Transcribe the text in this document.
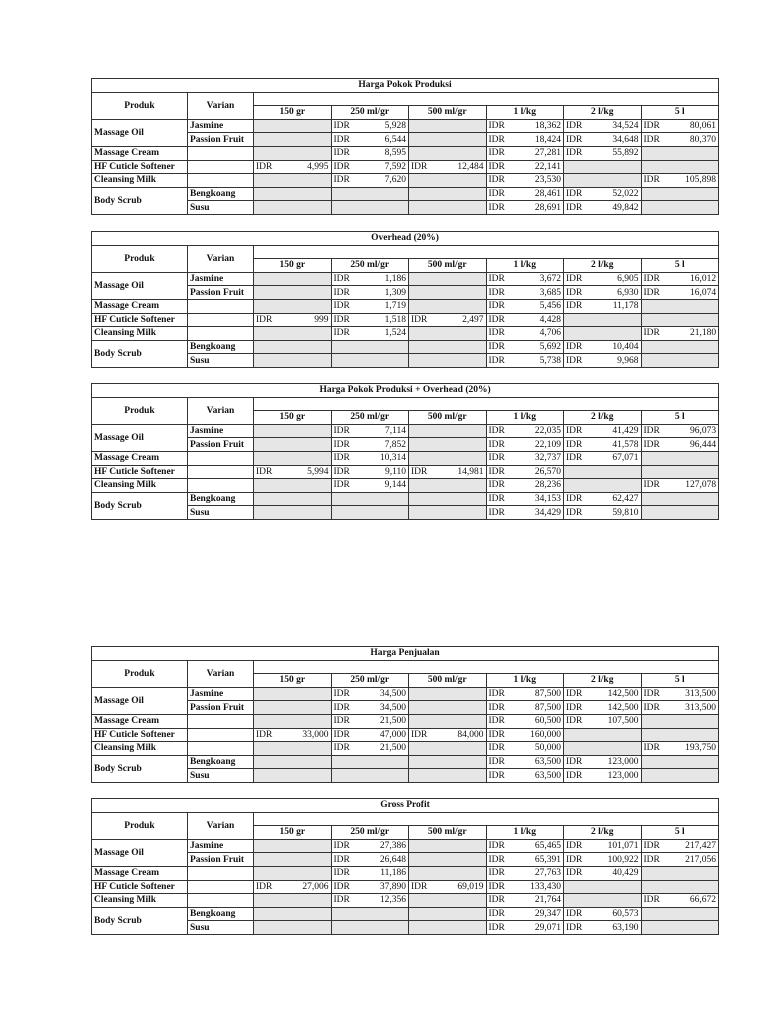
Harga Pokok Produksi							
Produk	Varian						
		150 gr	250 ml/gr	500 ml/gr	1 l/kg	2 l/kg	5 l
Massage Oil	Jasmine		IDR 5,928		IDR 18,362	IDR 34,524	IDR 80,061

	Passion Fruit		IDR 6,544		IDR 18,424	IDR 34,648	IDR 80,370

Massage Cream			IDR 8,595		IDR 27,281	IDR 55,892	

HF Cuticle Softener		IDR 4,995	IDR 7,592	IDR 12,484	IDR 22,141		

Cleansing Milk			IDR 7,620		IDR 23,530		IDR 105,898

Body Scrub	Bengkoang				IDR 28,461	IDR 52,022	

	Susu				IDR 28,691	IDR 49,842	

Overhead (20%)							
Produk	Varian						
		150 gr	250 ml/gr	500 ml/gr	1 l/kg	2 l/kg	5 l
Massage Oil	Jasmine		IDR 1,186		IDR 3,672	IDR 6,905	IDR 16,012

	Passion Fruit		IDR 1,309		IDR 3,685	IDR 6,930	IDR 16,074

Massage Cream			IDR 1,719		IDR 5,456	IDR 11,178	

HF Cuticle Softener		IDR 999	IDR 1,518	IDR 2,497	IDR 4,428		

Cleansing Milk			IDR 1,524		IDR 4,706		IDR 21,180

Body Scrub	Bengkoang				IDR 5,692	IDR 10,404	

	Susu				IDR 5,738	IDR 9,968	

Harga Pokok Produksi + Overhead (20%)							
Produk	Varian						
		150 gr	250 ml/gr	500 ml/gr	1 l/kg	2 l/kg	5 l
Massage Oil	Jasmine		IDR 7,114		IDR 22,035	IDR 41,429	IDR 96,073

	Passion Fruit		IDR 7,852		IDR 22,109	IDR 41,578	IDR 96,444

Massage Cream			IDR 10,314		IDR 32,737	IDR 67,071	

HF Cuticle Softener		IDR 5,994	IDR 9,110	IDR 14,981	IDR 26,570		

Cleansing Milk			IDR 9,144		IDR 28,236		IDR 127,078

Body Scrub	Bengkoang				IDR 34,153	IDR 62,427	

	Susu				IDR 34,429	IDR 59,810	

Harga Penjualan							
Produk	Varian						
		150 gr	250 ml/gr	500 ml/gr	1 l/kg	2 l/kg	5 l
Massage Oil	Jasmine		IDR 34,500		IDR 87,500	IDR 142,500	IDR 313,500

	Passion Fruit		IDR 34,500		IDR 87,500	IDR 142,500	IDR 313,500

Massage Cream			IDR 21,500		IDR 60,500	IDR 107,500	

HF Cuticle Softener		IDR 33,000	IDR 47,000	IDR 84,000	IDR 160,000		

Cleansing Milk			IDR 21,500		IDR 50,000		IDR 193,750

Body Scrub	Bengkoang				IDR 63,500	IDR 123,000	

	Susu				IDR 63,500	IDR 123,000	

Gross Profit							
Produk	Varian						
		150 gr	250 ml/gr	500 ml/gr	1 l/kg	2 l/kg	5 l
Massage Oil	Jasmine		IDR 27,386		IDR 65,465	IDR 101,071	IDR 217,427

	Passion Fruit		IDR 26,648		IDR 65,391	IDR 100,922	IDR 217,056

Massage Cream			IDR 11,186		IDR 27,763	IDR 40,429	

HF Cuticle Softener		IDR 27,006	IDR 37,890	IDR 69,019	IDR 133,430		

Cleansing Milk			IDR 12,356		IDR 21,764		IDR 66,672

Body Scrub	Bengkoang				IDR 29,347	IDR 60,573	

	Susu				IDR 29,071	IDR 63,190	
